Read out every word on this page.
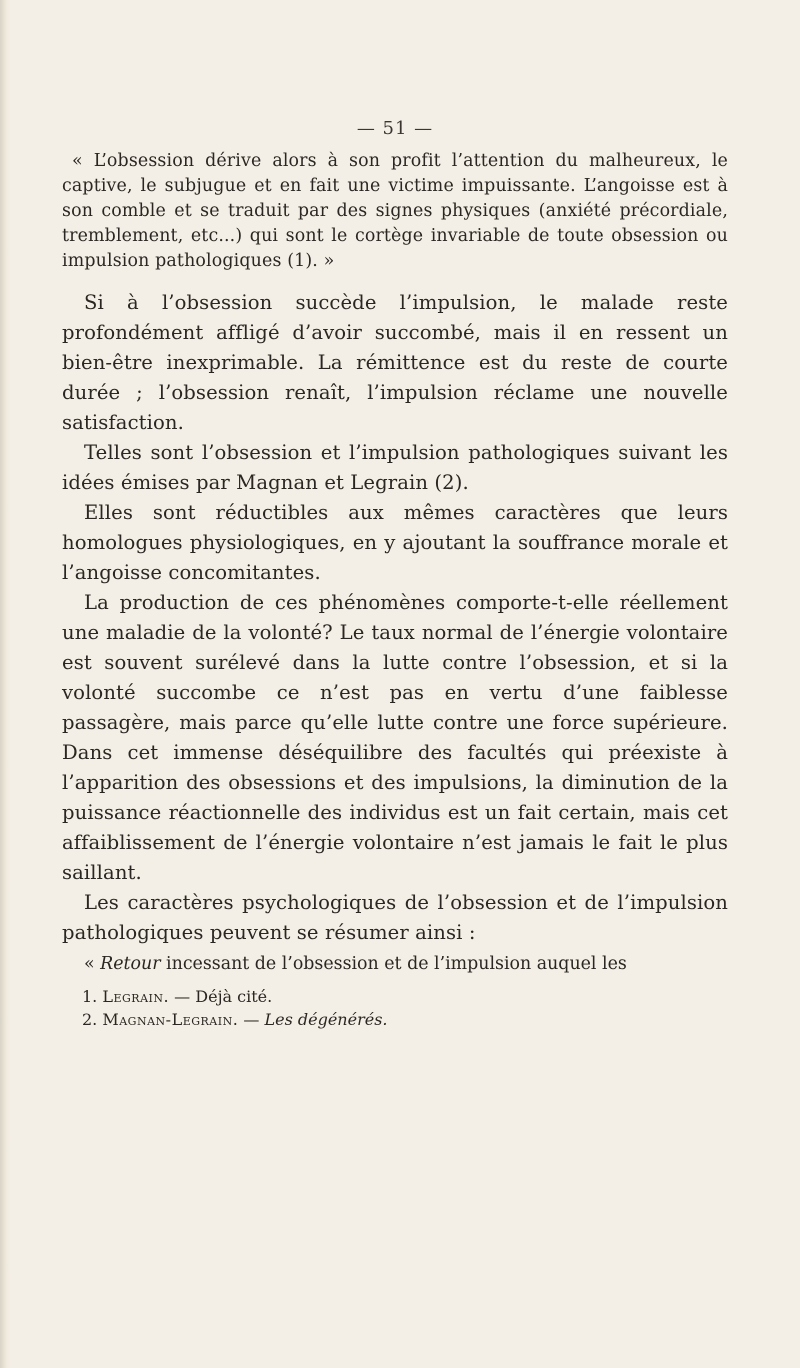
— 51 —

« L’obsession dérive alors à son profit l’attention du malheureux, le captive, le subjugue et en fait une victime impuissante. L’angoisse est à son comble et se traduit par des signes physiques (anxiété précordiale, tremblement, etc...) qui sont le cortège invariable de toute obsession ou impulsion pathologiques (1). »

Si à l’obsession succède l’impulsion, le malade reste profondément affligé d’avoir succombé, mais il en ressent un bien-être inexprimable. La rémittence est du reste de courte durée ; l’obsession renaît, l’impulsion réclame une nouvelle satisfaction.

Telles sont l’obsession et l’impulsion pathologiques suivant les idées émises par Magnan et Legrain (2).

Elles sont réductibles aux mêmes caractères que leurs homologues physiologiques, en y ajoutant la souffrance morale et l’angoisse concomitantes.

La production de ces phénomènes comporte-t-elle réellement une maladie de la volonté? Le taux normal de l’énergie volontaire est souvent surélevé dans la lutte contre l’obsession, et si la volonté succombe ce n’est pas en vertu d’une faiblesse passagère, mais parce qu’elle lutte contre une force supérieure. Dans cet immense déséquilibre des facultés qui préexiste à l’apparition des obsessions et des impulsions, la diminution de la puissance réactionnelle des individus est un fait certain, mais cet affaiblissement de l’énergie volontaire n’est jamais le fait le plus saillant.

Les caractères psychologiques de l’obsession et de l’impulsion pathologiques peuvent se résumer ainsi :

« Retour incessant de l’obsession et de l’impulsion auquel les
1. Legrain. — Déjà cité.
2. Magnan-Legrain. — Les dégénérés.
